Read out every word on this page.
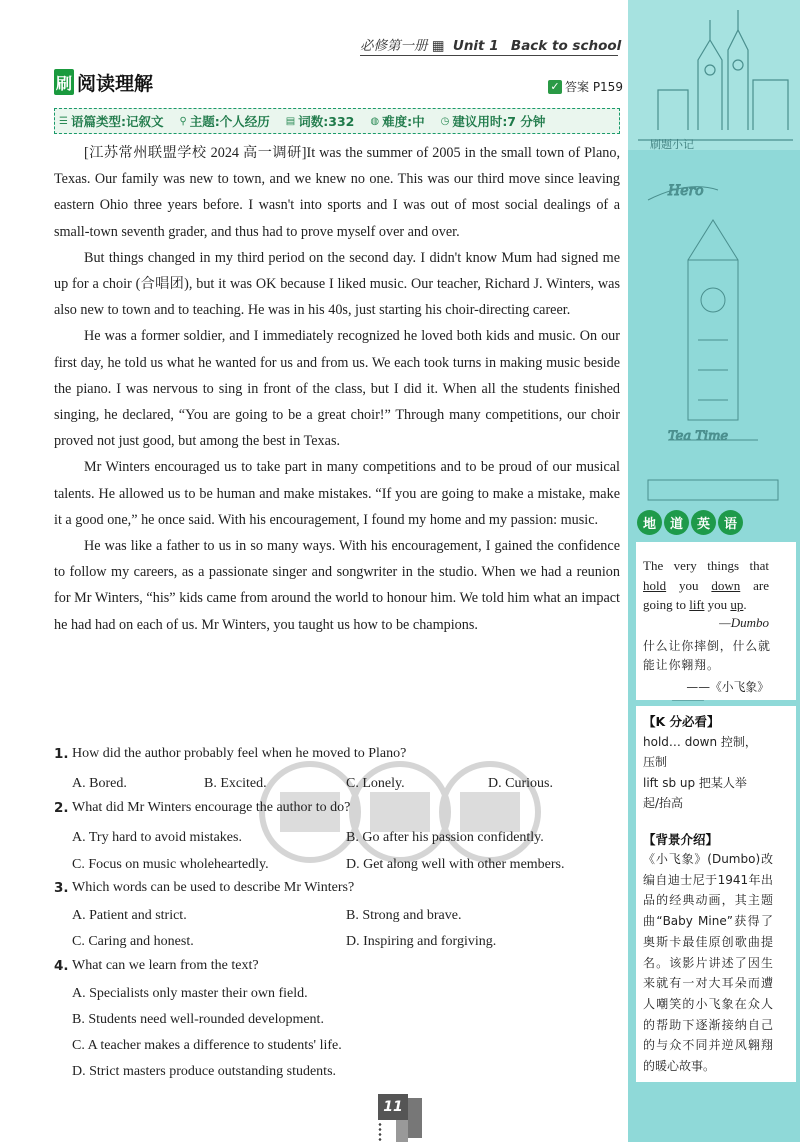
必修第一册 ▦ Unit 1 Back to school
刷 阅读理解	✓ 答案 P159
☰ 语篇类型:记叙文 ⚲ 主题:个人经历 ▤ 词数:332 ◍ 难度:中 ◷ 建议用时:7 分钟

[江苏常州联盟学校 2024 高一调研]It was the summer of 2005 in the small town of Plano, Texas. Our family was new to town, and we knew no one. This was our third move since leaving eastern Ohio three years before. I wasn't into sports and I was out of most social dealings of a small-town seventh grader, and thus had to prove myself over and over.

But things changed in my third period on the second day. I didn't know Mum had signed me up for a choir (合唱团), but it was OK because I liked music. Our teacher, Richard J. Winters, was also new to town and to teaching. He was in his 40s, just starting his choir-directing career.

He was a former soldier, and I immediately recognized he loved both kids and music. On our first day, he told us what he wanted for us and from us. We each took turns in making music beside the piano. I was nervous to sing in front of the class, but I did it. When all the students finished singing, he declared, “You are going to be a great choir!” Through many competitions, our choir proved not just good, but among the best in Texas.

Mr Winters encouraged us to take part in many competitions and to be proud of our musical talents. He allowed us to be human and make mistakes. “If you are going to make a mistake, make it a good one,” he once said. With his encouragement, I found my home and my passion: music.

He was like a father to us in so many ways. With his encouragement, I gained the confidence to follow my careers, as a passionate singer and songwriter in the studio. When we had a reunion for Mr Winters, “his” kids came from around the world to honour him. We told him what an impact he had had on each of us. Mr Winters, you taught us how to be champions.

1. How did the author probably feel when he moved to Plano?
A. Bored.	B. Excited.	C. Lonely.	D. Curious.
2. What did Mr Winters encourage the author to do?
A. Try hard to avoid mistakes.	B. Go after his passion confidently.
C. Focus on music wholeheartedly.	D. Get along well with other members.
3. Which words can be used to describe Mr Winters?
A. Patient and strict.	B. Strong and brave.
C. Caring and honest.	D. Inspiring and forgiving.
4. What can we learn from the text?
A. Specialists only master their own field.
B. Students need well-rounded development.
C. A teacher makes a difference to students' life.
D. Strict masters produce outstanding students.
11
Hero
Tea Time
刷题小记
地	道	英	语
The very things that hold you down are going to lift you up.
—Dumbo
什么让你摔倒，什么就能让你翱翔。
——《小飞象》
【K 分必看】
hold… down 控制，
压制
lift sb up 把某人举
起/抬高
【背景介绍】
《小飞象》(Dumbo)改编自迪士尼于1941年出品的经典动画，其主题曲“Baby Mine”获得了奥斯卡最佳原创歌曲提名。该影片讲述了因生来就有一对大耳朵而遭人嘲笑的小飞象在众人的帮助下逐渐接纳自己的与众不同并逆风翱翔的暖心故事。
